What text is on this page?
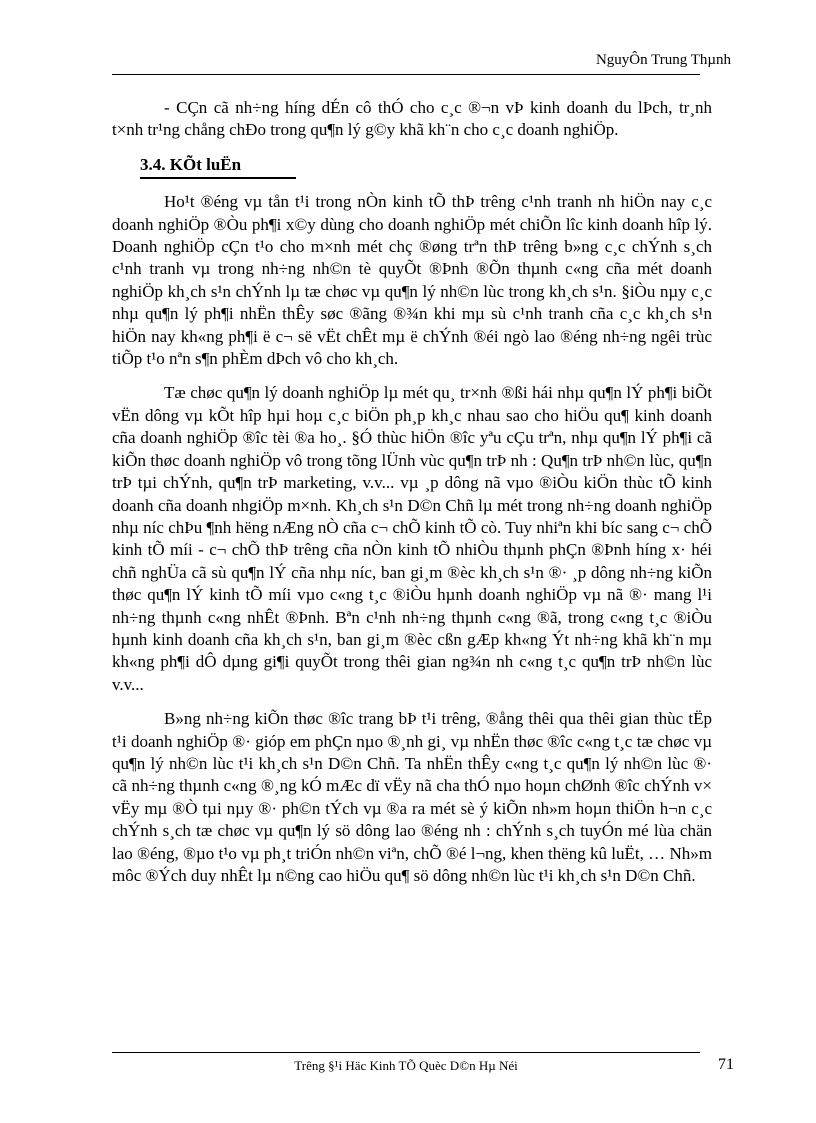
NguyÔn Trung Thµnh

- CÇn cã nh÷ng híng dÉn cô thÓ cho c¸c ®¬n vÞ kinh doanh du lÞch, tr¸nh t×nh tr¹ng chång chÐo trong qu¶n lý g©y khã kh¨n cho c¸c doanh nghiÖp.

3.4. KÕt luËn

Ho¹t ®éng vµ tån t¹i trong nÒn kinh tÕ thÞ trêng c¹nh tranh nh hiÖn nay c¸c doanh nghiÖp ®Òu ph¶i x©y dùng cho doanh nghiÖp mét chiÕn lîc kinh doanh hîp lý. Doanh nghiÖp cÇn t¹o cho m×nh mét chç ®øng trªn thÞ trêng b»ng c¸c chÝnh s¸ch c¹nh tranh vµ trong nh÷ng nh©n tè quyÕt ®Þnh ®Õn thµnh c«ng cña mét doanh nghiÖp kh¸ch s¹n chÝnh lµ tæ chøc vµ qu¶n lý nh©n lùc trong kh¸ch s¹n. §iÒu nµy c¸c nhµ qu¶n lý ph¶i nhËn thÊy søc ®ãng ®¾n khi mµ sù c¹nh tranh cña c¸c kh¸ch s¹n hiÖn nay kh«ng ph¶i ë c¬ së vËt chÊt mµ ë chÝnh ®éi ngò lao ®éng nh÷ng ngêi trùc tiÕp t¹o nªn s¶n phÈm dÞch vô cho kh¸ch.

Tæ chøc qu¶n lý doanh nghiÖp lµ mét qu¸ tr×nh ®ßi hái nhµ qu¶n lÝ ph¶i biÕt vËn dông vµ kÕt hîp hµi hoµ c¸c biÖn ph¸p kh¸c nhau sao cho hiÖu qu¶ kinh doanh cña doanh nghiÖp ®îc tèi ®a ho¸. §Ó thùc hiÖn ®îc yªu cÇu trªn, nhµ qu¶n lÝ ph¶i cã kiÕn thøc doanh nghiÖp vô trong tõng lÜnh vùc qu¶n trÞ nh : Qu¶n trÞ nh©n lùc, qu¶n trÞ tµi chÝnh, qu¶n trÞ marketing, v.v... vµ ¸p dông nã vµo ®iÒu kiÖn thùc tÕ kinh doanh cña doanh nhgiÖp m×nh. Kh¸ch s¹n D©n Chñ lµ mét trong nh÷ng doanh nghiÖp nhµ níc chÞu ¶nh hëng nÆng nÒ cña c¬ chÕ kinh tÕ cò. Tuy nhiªn khi bíc sang c¬ chÕ kinh tÕ míi - c¬ chÕ thÞ trêng cña nÒn kinh tÕ nhiÒu thµnh phÇn ®Þnh híng x· héi chñ nghÜa cã sù qu¶n lÝ cña nhµ níc, ban gi¸m ®èc kh¸ch s¹n ®· ¸p dông nh÷ng kiÕn thøc qu¶n lÝ kinh tÕ míi vµo c«ng t¸c ®iÒu hµnh doanh nghiÖp vµ nã ®· mang l¹i nh÷ng thµnh c«ng nhÊt ®Þnh. Bªn c¹nh nh÷ng thµnh c«ng ®ã, trong c«ng t¸c ®iÒu hµnh kinh doanh cña kh¸ch s¹n, ban gi¸m ®èc cßn gÆp kh«ng Ýt nh÷ng khã kh¨n mµ kh«ng ph¶i dÔ dµng gi¶i quyÕt trong thêi gian ng¾n nh c«ng t¸c qu¶n trÞ nh©n lùc v.v...

B»ng nh÷ng kiÕn thøc ®îc trang bÞ t¹i trêng, ®ång thêi qua thêi gian thùc tËp t¹i doanh nghiÖp ®· gióp em phÇn nµo ®¸nh gi¸ vµ nhËn thøc ®îc c«ng t¸c tæ chøc vµ qu¶n lý nh©n lùc t¹i kh¸ch s¹n D©n Chñ. Ta nhËn thÊy c«ng t¸c qu¶n lý nh©n lùc ®· cã nh÷ng thµnh c«ng ®¸ng kÓ mÆc dï vËy nã cha thÓ nµo hoµn chØnh ®îc chÝnh v× vËy mµ ®Ò tµi nµy ®· ph©n tÝch vµ ®a ra mét sè ý kiÕn nh»m hoµn thiÖn h¬n c¸c chÝnh s¸ch tæ chøc vµ qu¶n lý sö dông lao ®éng nh : chÝnh s¸ch tuyÓn mé lùa chän lao ®éng, ®µo t¹o vµ ph¸t triÓn nh©n viªn, chÕ ®é l¬ng, khen thëng kû luËt, … Nh»m môc ®Ých duy nhÊt lµ n©ng cao hiÖu qu¶ sö dông nh©n lùc t¹i kh¸ch s¹n D©n Chñ.

Trêng §¹i Häc Kinh TÕ Quèc D©n Hµ Néi	71
